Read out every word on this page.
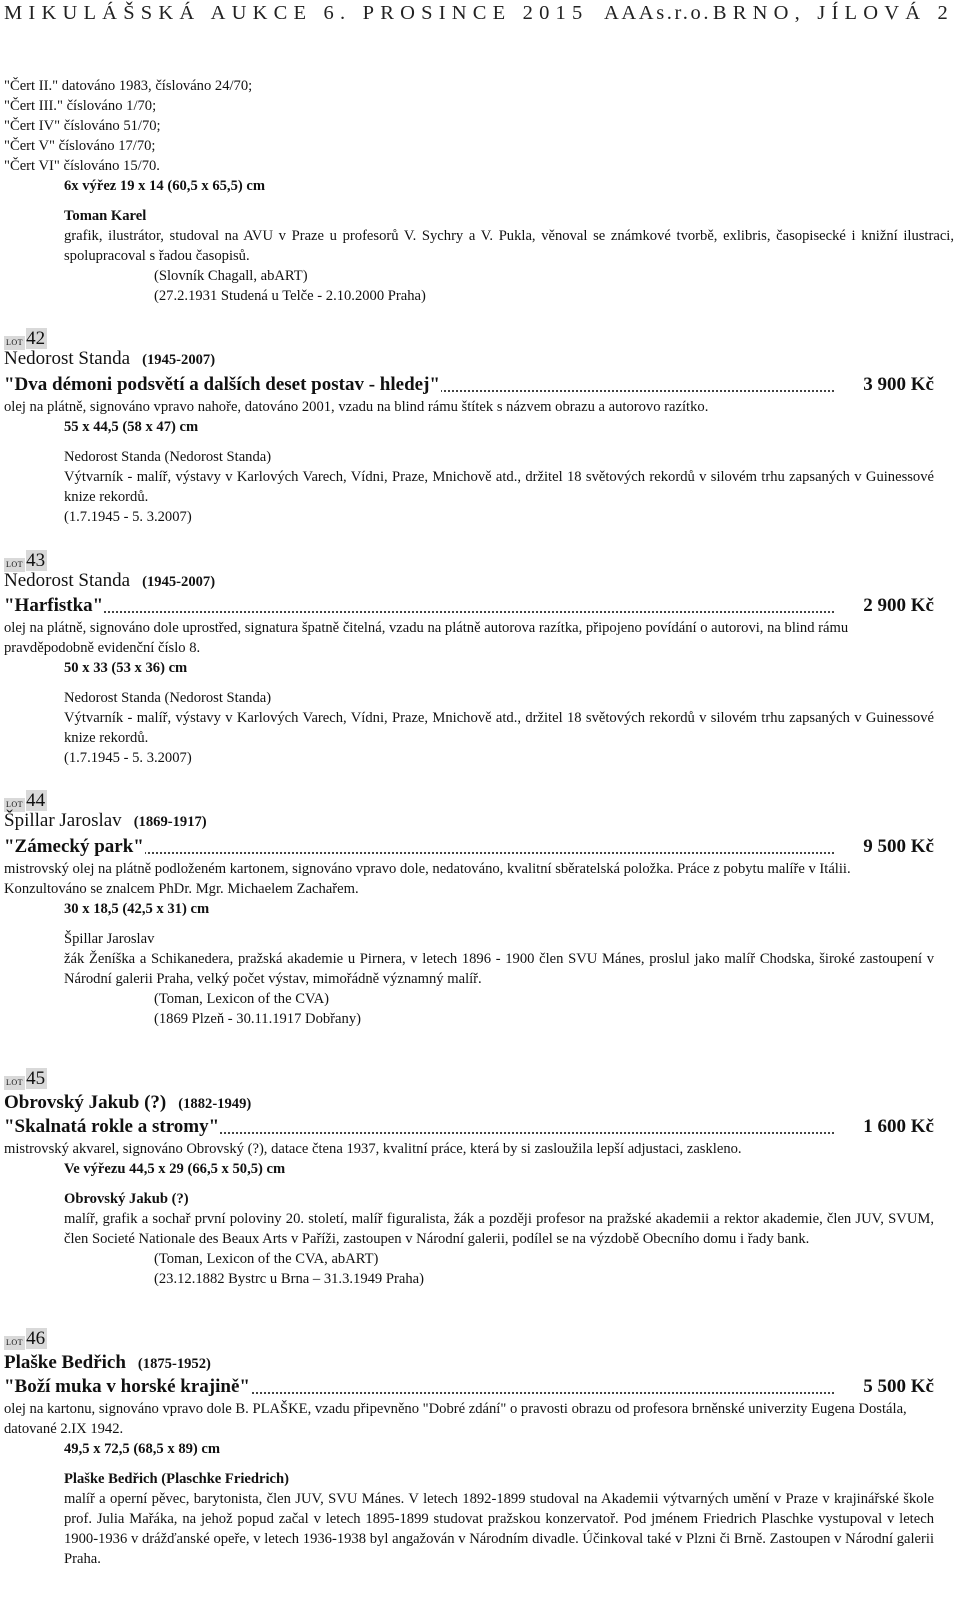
MIKULÁŠSKÁ AUKCE 6. PROSINCE 2015 AAAs.r.o. BRNO, JÍLOVÁ 2
"Čert II." datováno 1983, číslováno 24/70;
"Čert III." číslováno 1/70;
"Čert IV" číslováno 51/70;
"Čert V" číslováno 17/70;
"Čert VI" číslováno 15/70.
6x výřez 19 x 14 (60,5 x 65,5) cm
Toman Karel
grafik, ilustrátor, studoval na AVU v Praze u profesorů V. Sychry a V. Pukla, věnoval se známkové tvorbě, exlibris, časopisecké i knižní ilustraci, spolupracoval s řadou časopisů.
(Slovník Chagall, abART)
(27.2.1931 Studená u Telče - 2.10.2000 Praha)
LOT 42
Nedorost Standa (1945-2007)
"Dva démoni podsvětí a dalších deset postav - hledej"	3 900 Kč
olej na plátně, signováno vpravo nahoře, datováno 2001, vzadu na blind rámu štítek s názvem obrazu a autorovo razítko.
55 x 44,5 (58 x 47) cm
Nedorost Standa (Nedorost Standa)
Výtvarník - malíř, výstavy v Karlových Varech, Vídni, Praze, Mnichově atd., držitel 18 světových rekordů v silovém trhu zapsaných v Guinessové knize rekordů.
(1.7.1945 - 5. 3.2007)
LOT 43
Nedorost Standa (1945-2007)
"Harfistka"	2 900 Kč
olej na plátně, signováno dole uprostřed, signatura špatně čitelná, vzadu na plátně autorova razítka, připojeno povídání o autorovi, na blind rámu pravděpodobně evidenční číslo 8.
50 x 33 (53 x 36) cm
Nedorost Standa (Nedorost Standa)
Výtvarník - malíř, výstavy v Karlových Varech, Vídni, Praze, Mnichově atd., držitel 18 světových rekordů v silovém trhu zapsaných v Guinessové knize rekordů.
(1.7.1945 - 5. 3.2007)
LOT 44
Špillar Jaroslav (1869-1917)
"Zámecký park"	9 500 Kč
mistrovský olej na plátně podloženém kartonem, signováno vpravo dole, nedatováno, kvalitní sběratelská položka. Práce z pobytu malíře v Itálii.
Konzultováno se znalcem PhDr. Mgr. Michaelem Zachařem.
30 x 18,5 (42,5 x 31) cm
Špillar Jaroslav
žák Ženíška a Schikanedera, pražská akademie u Pirnera, v letech 1896 - 1900 člen SVU Mánes, proslul jako malíř Chodska, široké zastoupení v Národní galerii Praha, velký počet výstav, mimořádně významný malíř.
(Toman, Lexicon of the CVA)
(1869 Plzeň - 30.11.1917 Dobřany)
LOT 45
Obrovský Jakub (?) (1882-1949)
"Skalnatá rokle a stromy"	1 600 Kč
mistrovský akvarel, signováno Obrovský (?), datace čtena 1937, kvalitní práce, která by si zasloužila lepší adjustaci, zaskleno.
Ve výřezu 44,5 x 29 (66,5 x 50,5) cm
Obrovský Jakub (?)
malíř, grafik a sochař první poloviny 20. století, malíř figuralista, žák a později profesor na pražské akademii a rektor akademie, člen JUV, SVUM, člen Societé Nationale des Beaux Arts v Paříži, zastoupen v Národní galerii, podílel se na výzdobě Obecního domu i řady bank.
(Toman, Lexicon of the CVA, abART)
(23.12.1882 Bystrc u Brna – 31.3.1949 Praha)
LOT 46
Plaške Bedřich (1875-1952)
"Boží muka v horské krajině"	5 500 Kč
olej na kartonu, signováno vpravo dole B. PLAŠKE, vzadu připevněno "Dobré zdání" o pravosti obrazu od profesora brněnské univerzity Eugena Dostála, datované 2.IX 1942.
49,5 x 72,5 (68,5 x 89) cm
Plaške Bedřich (Plaschke Friedrich)
malíř a operní pěvec, barytonista, člen JUV, SVU Mánes. V letech 1892-1899 studoval na Akademii výtvarných umění v Praze v krajinářské škole prof. Julia Mařáka, na jehož popud začal v letech 1895-1899 studovat pražskou konzervatoř. Pod jménem Friedrich Plaschke vystupoval v letech 1900-1936 v drážďanské opeře, v letech 1936-1938 byl angažován v Národním divadle. Účinkoval také v Plzni či Brně. Zastoupen v Národní galerii Praha.
